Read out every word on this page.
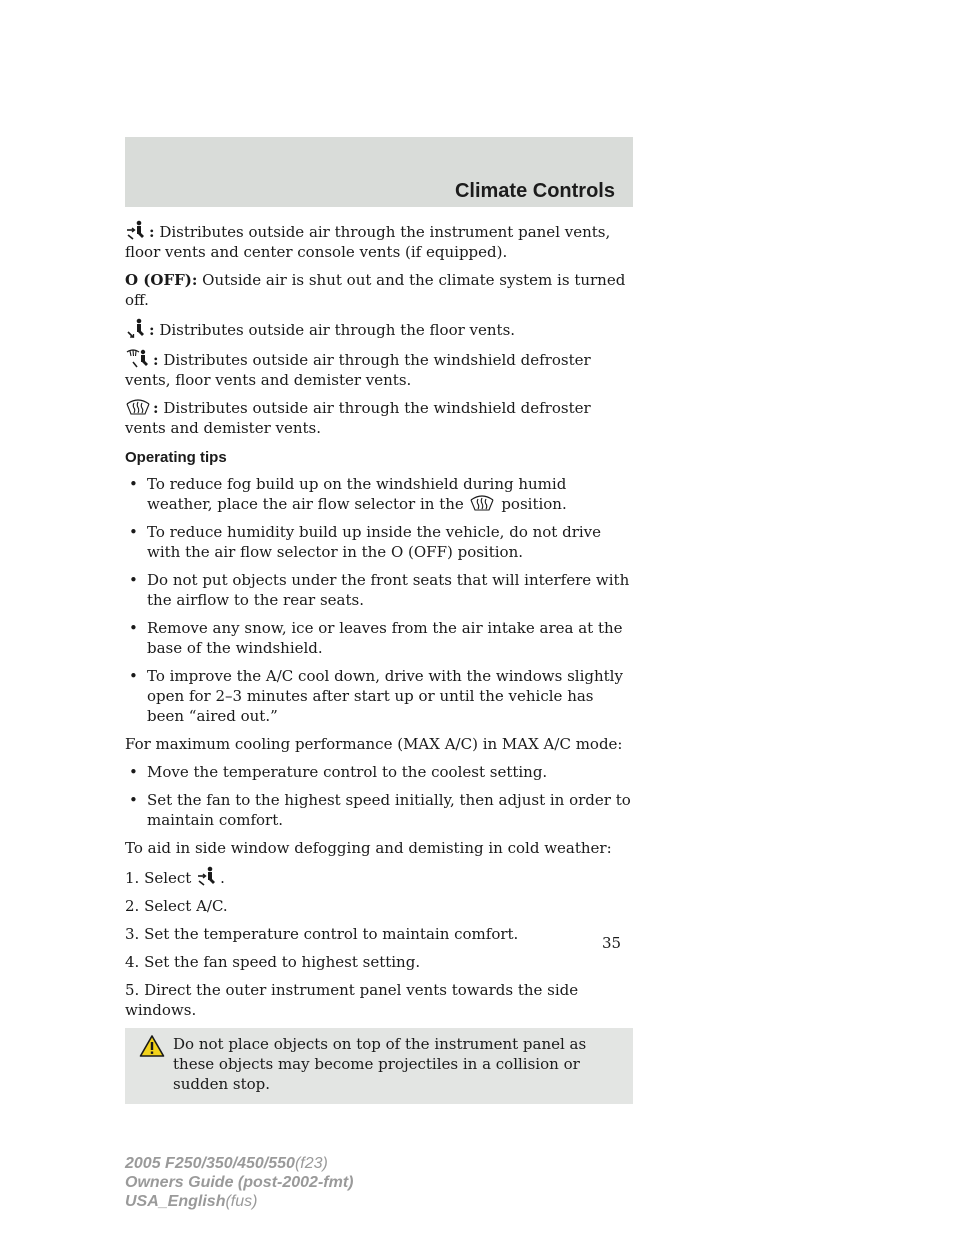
Climate Controls

: Distributes outside air through the instrument panel vents, floor vents and center console vents (if equipped).

O (OFF): Outside air is shut out and the climate system is turned off.

: Distributes outside air through the floor vents.

: Distributes outside air through the windshield defroster vents, floor vents and demister vents.

: Distributes outside air through the windshield defroster vents and demister vents.

Operating tips
• To reduce fog build up on the windshield during humid weather, place the air flow selector in the	position.
• To reduce humidity build up inside the vehicle, do not drive with the air flow selector in the O (OFF) position.
• Do not put objects under the front seats that will interfere with the airflow to the rear seats.
• Remove any snow, ice or leaves from the air intake area at the base of the windshield.
• To improve the A/C cool down, drive with the windows slightly open for 2–3 minutes after start up or until the vehicle has been “aired out.”

For maximum cooling performance (MAX A/C) in MAX A/C mode:

• Move the temperature control to the coolest setting.
• Set the fan to the highest speed initially, then adjust in order to maintain comfort.

To aid in side window defogging and demisting in cold weather:

1. Select .

2. Select A/C.

3. Set the temperature control to maintain comfort.

4. Set the fan speed to highest setting.

5. Direct the outer instrument panel vents towards the side windows.

Do not place objects on top of the instrument panel as these objects may become projectiles in a collision or sudden stop.
35
2005 F250/350/450/550(f23)
Owners Guide (post-2002-fmt)
USA_English(fus)
